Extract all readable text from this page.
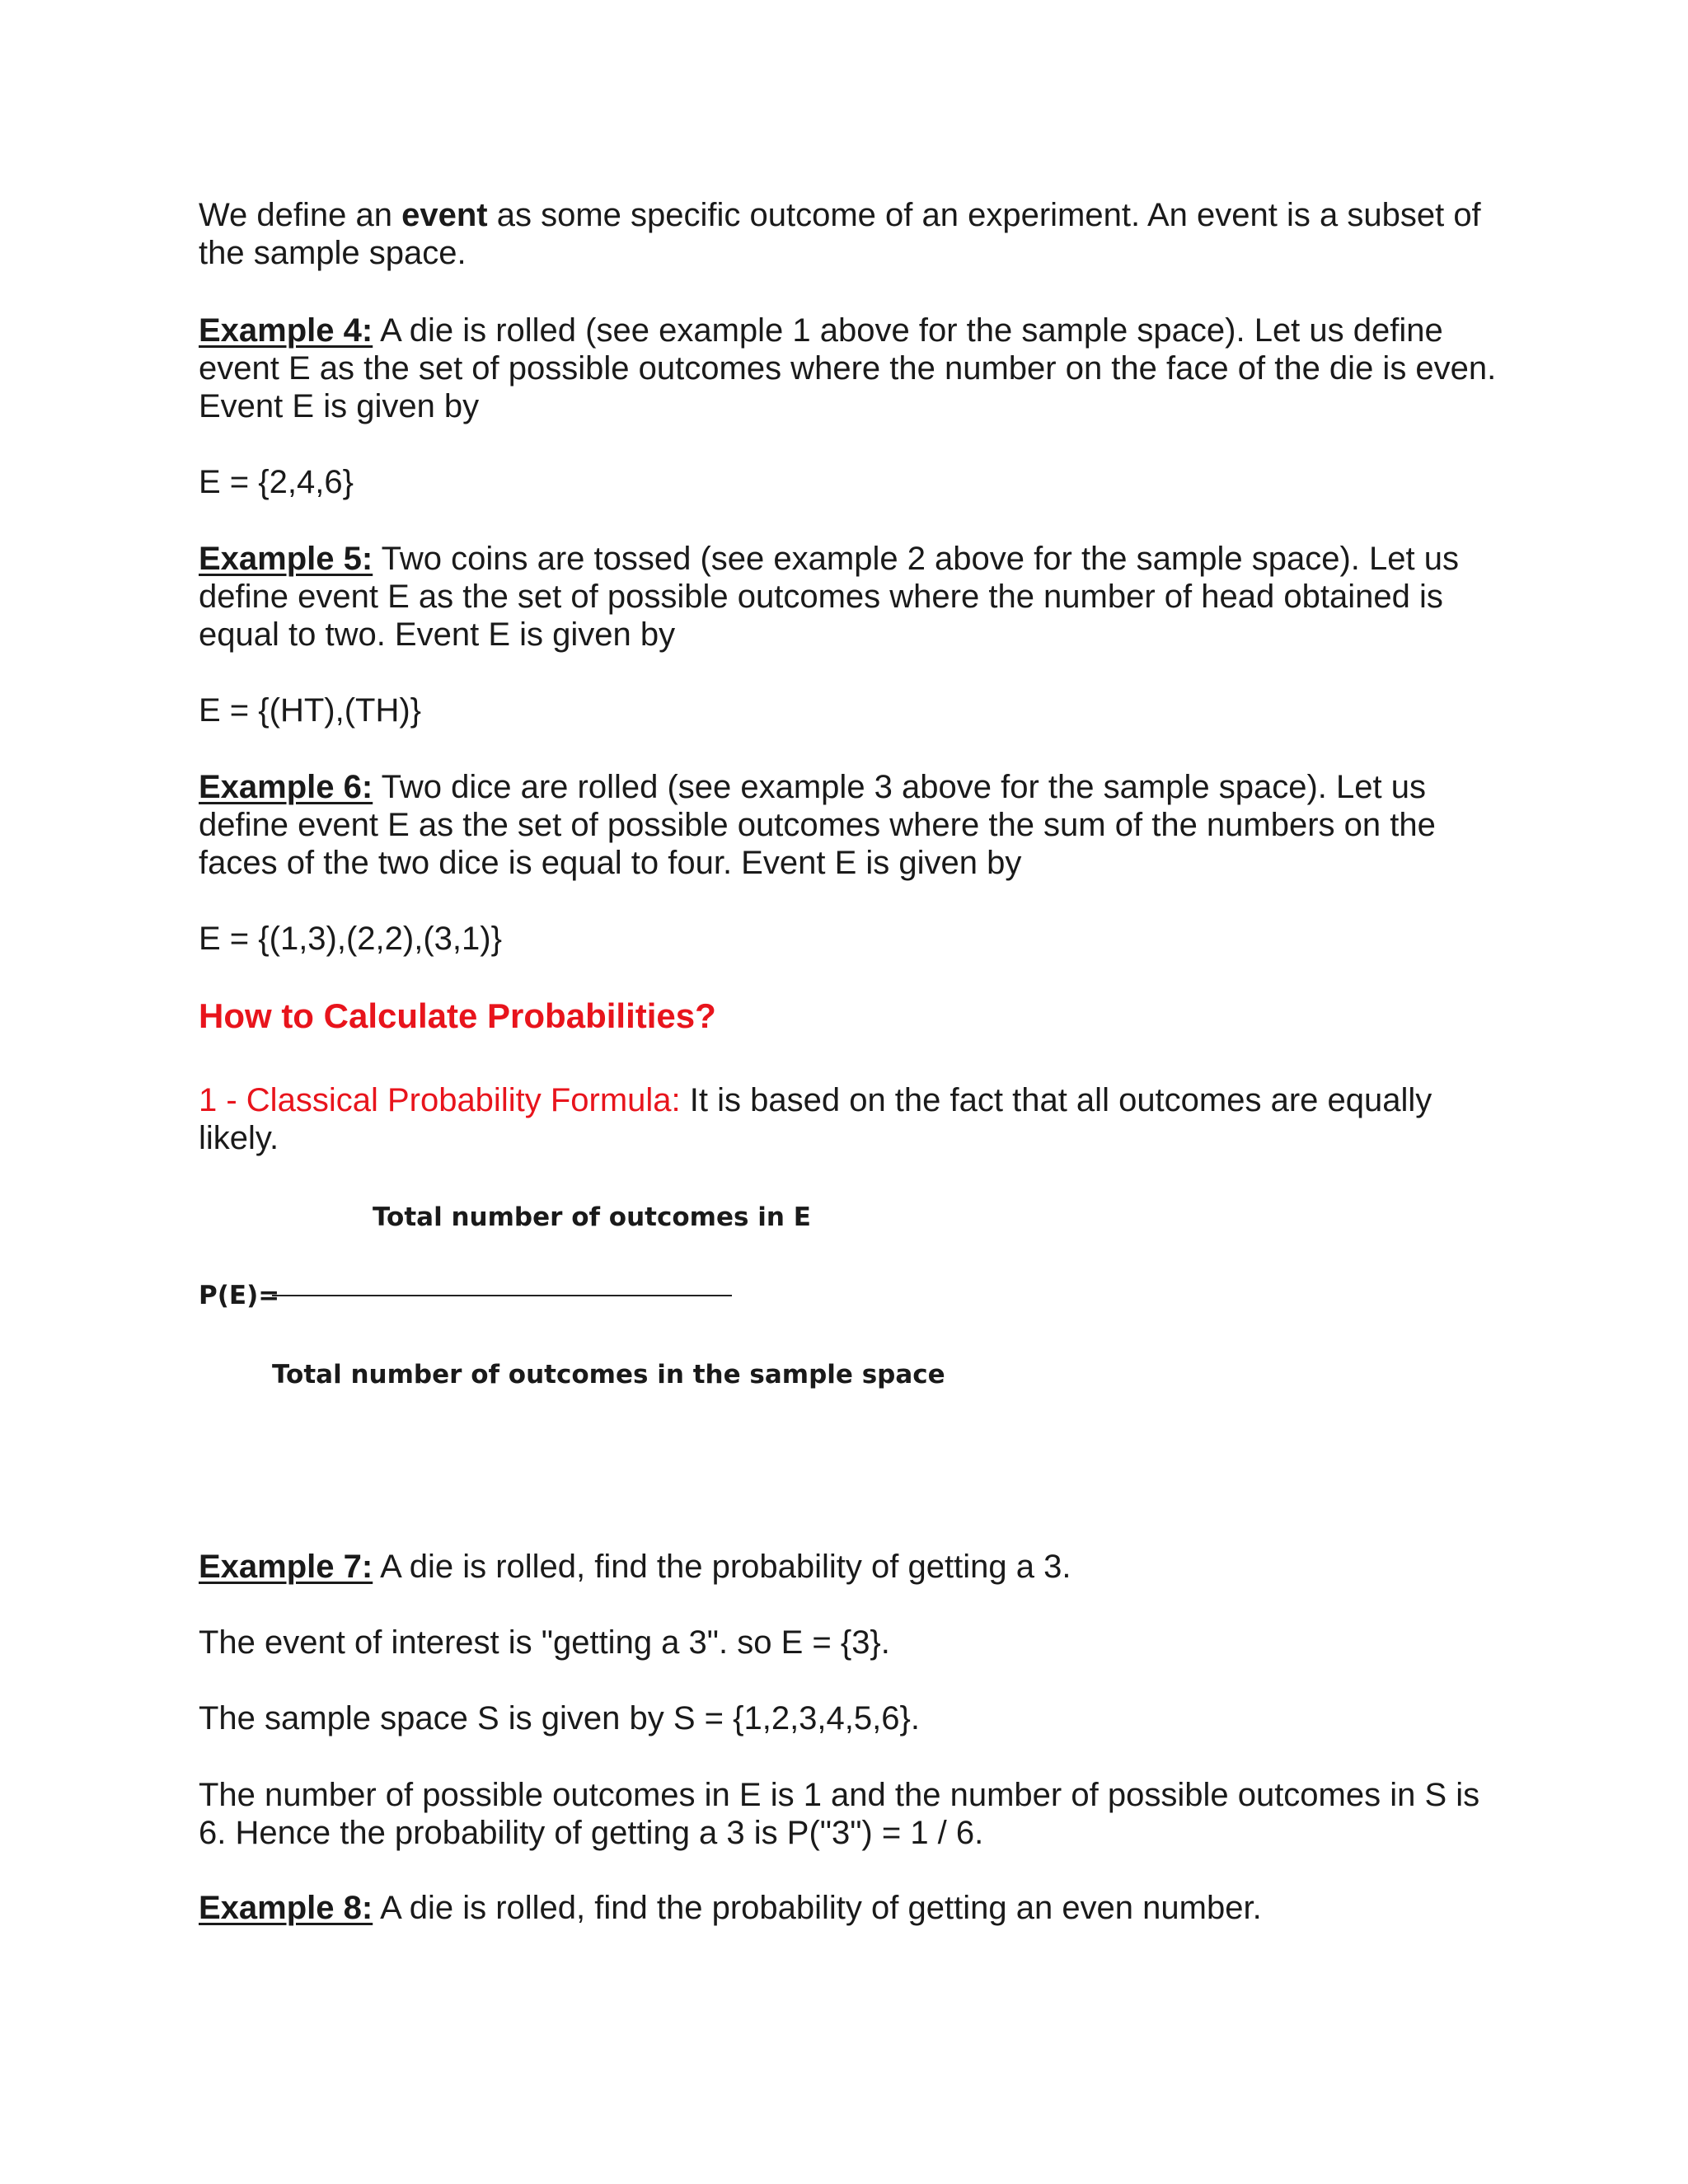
We define an event as some specific outcome of an experiment. An event is a subset of the sample space.

Example 4: A die is rolled (see example 1 above for the sample space). Let us define event E as the set of possible outcomes where the number on the face of the die is even. Event E is given by

E = {2,4,6}

Example 5: Two coins are tossed (see example 2 above for the sample space). Let us define event E as the set of possible outcomes where the number of head obtained is equal to two. Event E is given by

E = {(HT),(TH)}

Example 6: Two dice are rolled (see example 3 above for the sample space). Let us define event E as the set of possible outcomes where the sum of the numbers on the faces of the two dice is equal to four. Event E is given by

E = {(1,3),(2,2),(3,1)}

How to Calculate Probabilities?

1 - Classical Probability Formula: It is based on the fact that all outcomes are equally likely.

Total number of outcomes in E
P(E)=
Total number of outcomes in the sample space

Example 7: A die is rolled, find the probability of getting a 3.

The event of interest is "getting a 3". so E = {3}.

The sample space S is given by S = {1,2,3,4,5,6}.

The number of possible outcomes in E is 1 and the number of possible outcomes in S is 6. Hence the probability of getting a 3 is P("3") = 1 / 6.

Example 8: A die is rolled, find the probability of getting an even number.
